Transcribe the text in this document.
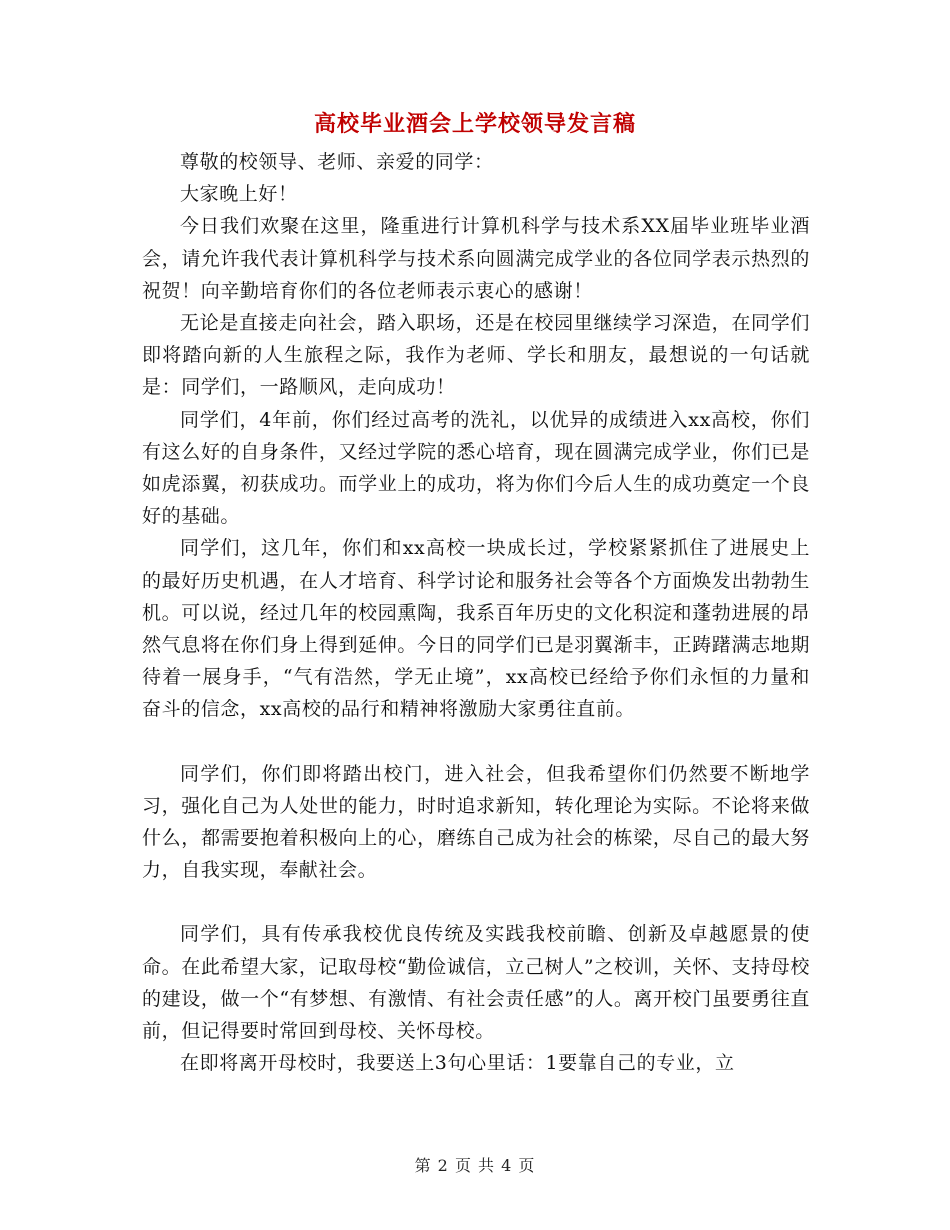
高校毕业酒会上学校领导发言稿

尊敬的校领导、老师、亲爱的同学：

大家晚上好！

今日我们欢聚在这里，隆重进行计算机科学与技术系XX届毕业班毕业酒会，请允许我代表计算机科学与技术系向圆满完成学业的各位同学表示热烈的祝贺！向辛勤培育你们的各位老师表示衷心的感谢！

无论是直接走向社会，踏入职场，还是在校园里继续学习深造，在同学们即将踏向新的人生旅程之际，我作为老师、学长和朋友，最想说的一句话就是：同学们，一路顺风，走向成功！

同学们，4年前，你们经过高考的洗礼，以优异的成绩进入xx高校，你们有这么好的自身条件，又经过学院的悉心培育，现在圆满完成学业，你们已是如虎添翼，初获成功。而学业上的成功，将为你们今后人生的成功奠定一个良好的基础。

同学们，这几年，你们和xx高校一块成长过，学校紧紧抓住了进展史上的最好历史机遇，在人才培育、科学讨论和服务社会等各个方面焕发出勃勃生机。可以说，经过几年的校园熏陶，我系百年历史的文化积淀和蓬勃进展的昂然气息将在你们身上得到延伸。今日的同学们已是羽翼渐丰，正踌躇满志地期待着一展身手，“气有浩然，学无止境”，xx高校已经给予你们永恒的力量和奋斗的信念，xx高校的品行和精神将激励大家勇往直前。

同学们，你们即将踏出校门，进入社会，但我希望你们仍然要不断地学习，强化自己为人处世的能力，时时追求新知，转化理论为实际。不论将来做什么，都需要抱着积极向上的心，磨练自己成为社会的栋梁，尽自己的最大努力，自我实现，奉献社会。

同学们，具有传承我校优良传统及实践我校前瞻、创新及卓越愿景的使命。在此希望大家，记取母校“勤俭诚信，立己树人”之校训，关怀、支持母校的建设，做一个“有梦想、有激情、有社会责任感”的人。离开校门虽要勇往直前，但记得要时常回到母校、关怀母校。

在即将离开母校时，我要送上3句心里话：1要靠自己的专业，立

第 2 页 共 4 页
